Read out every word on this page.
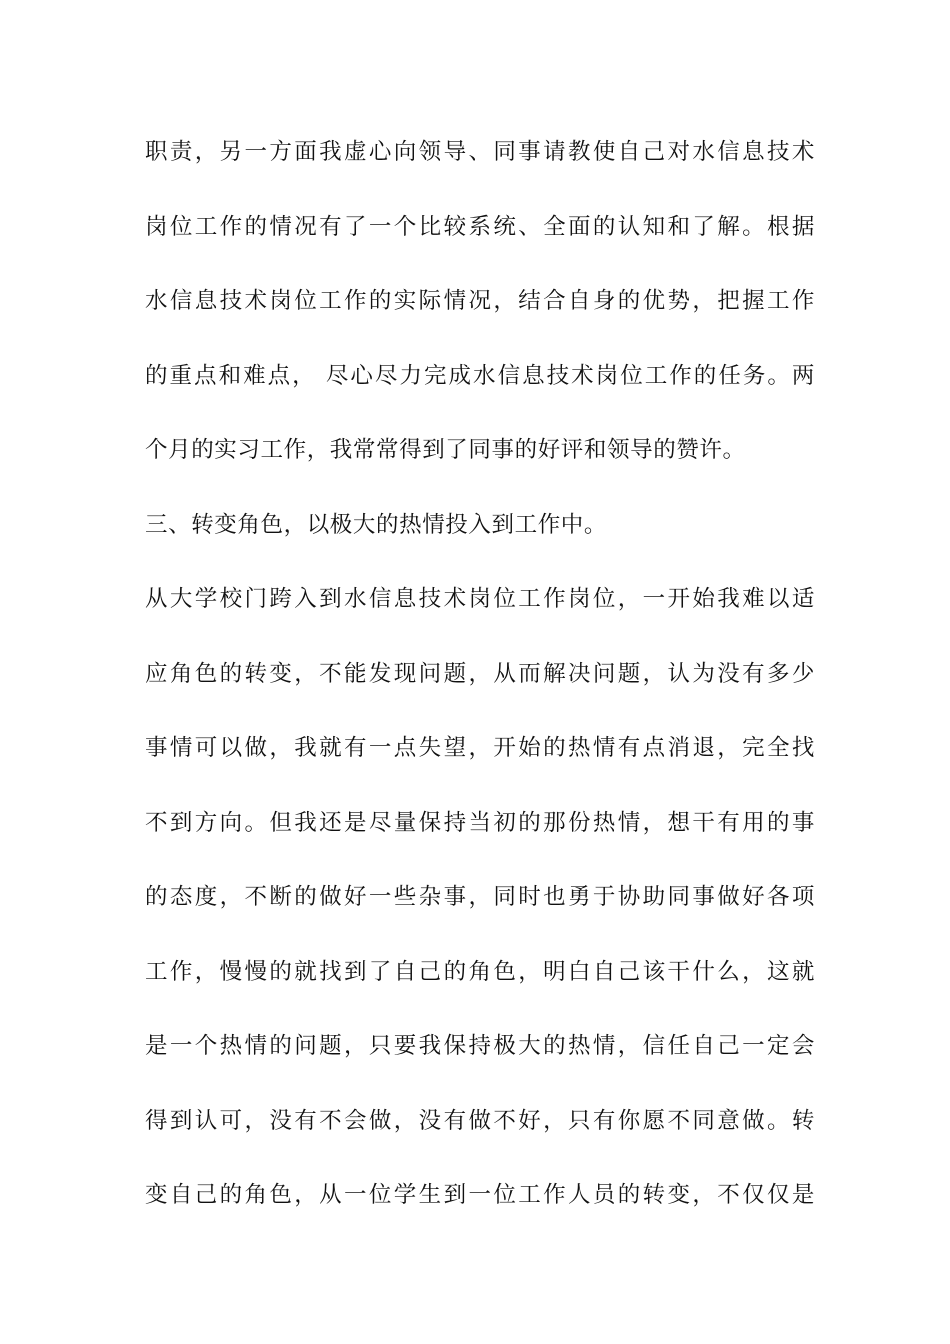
职责，另一方面我虚心向领导、同事请教使自己对水信息技术
岗位工作的情况有了一个比较系统、全面的认知和了解。根据
水信息技术岗位工作的实际情况，结合自身的优势，把握工作
的重点和难点， 尽心尽力完成水信息技术岗位工作的任务。两
个月的实习工作，我常常得到了同事的好评和领导的赞许。
三、转变角色，以极大的热情投入到工作中。
从大学校门跨入到水信息技术岗位工作岗位，一开始我难以适
应角色的转变，不能发现问题，从而解决问题，认为没有多少
事情可以做，我就有一点失望，开始的热情有点消退，完全找
不到方向。但我还是尽量保持当初的那份热情，想干有用的事
的态度，不断的做好一些杂事，同时也勇于协助同事做好各项
工作，慢慢的就找到了自己的角色，明白自己该干什么，这就
是一个热情的问题，只要我保持极大的热情，信任自己一定会
得到认可，没有不会做，没有做不好，只有你愿不同意做。转
变自己的角色，从一位学生到一位工作人员的转变，不仅仅是
